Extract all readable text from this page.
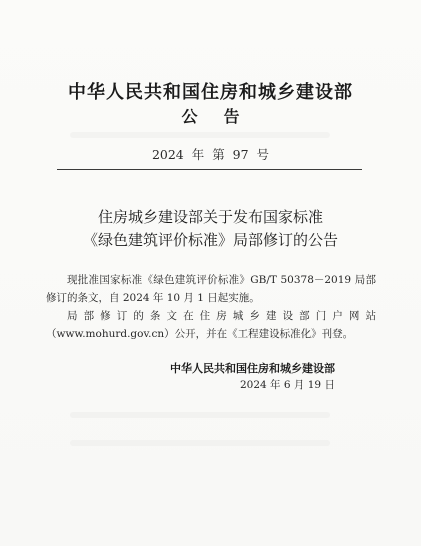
中华人民共和国住房和城乡建设部
公告
2024 年 第 97 号
住房城乡建设部关于发布国家标准
《绿色建筑评价标准》局部修订的公告
现批准国家标准《绿色建筑评价标准》GB/T 50378－2019 局部修订的条文，自 2024 年 10 月 1 日起实施。
局部修订的条文在住房城乡建设部门户网站（www.mohurd.gov.cn）公开，并在《工程建设标准化》刊登。
中华人民共和国住房和城乡建设部
2024 年 6 月 19 日
